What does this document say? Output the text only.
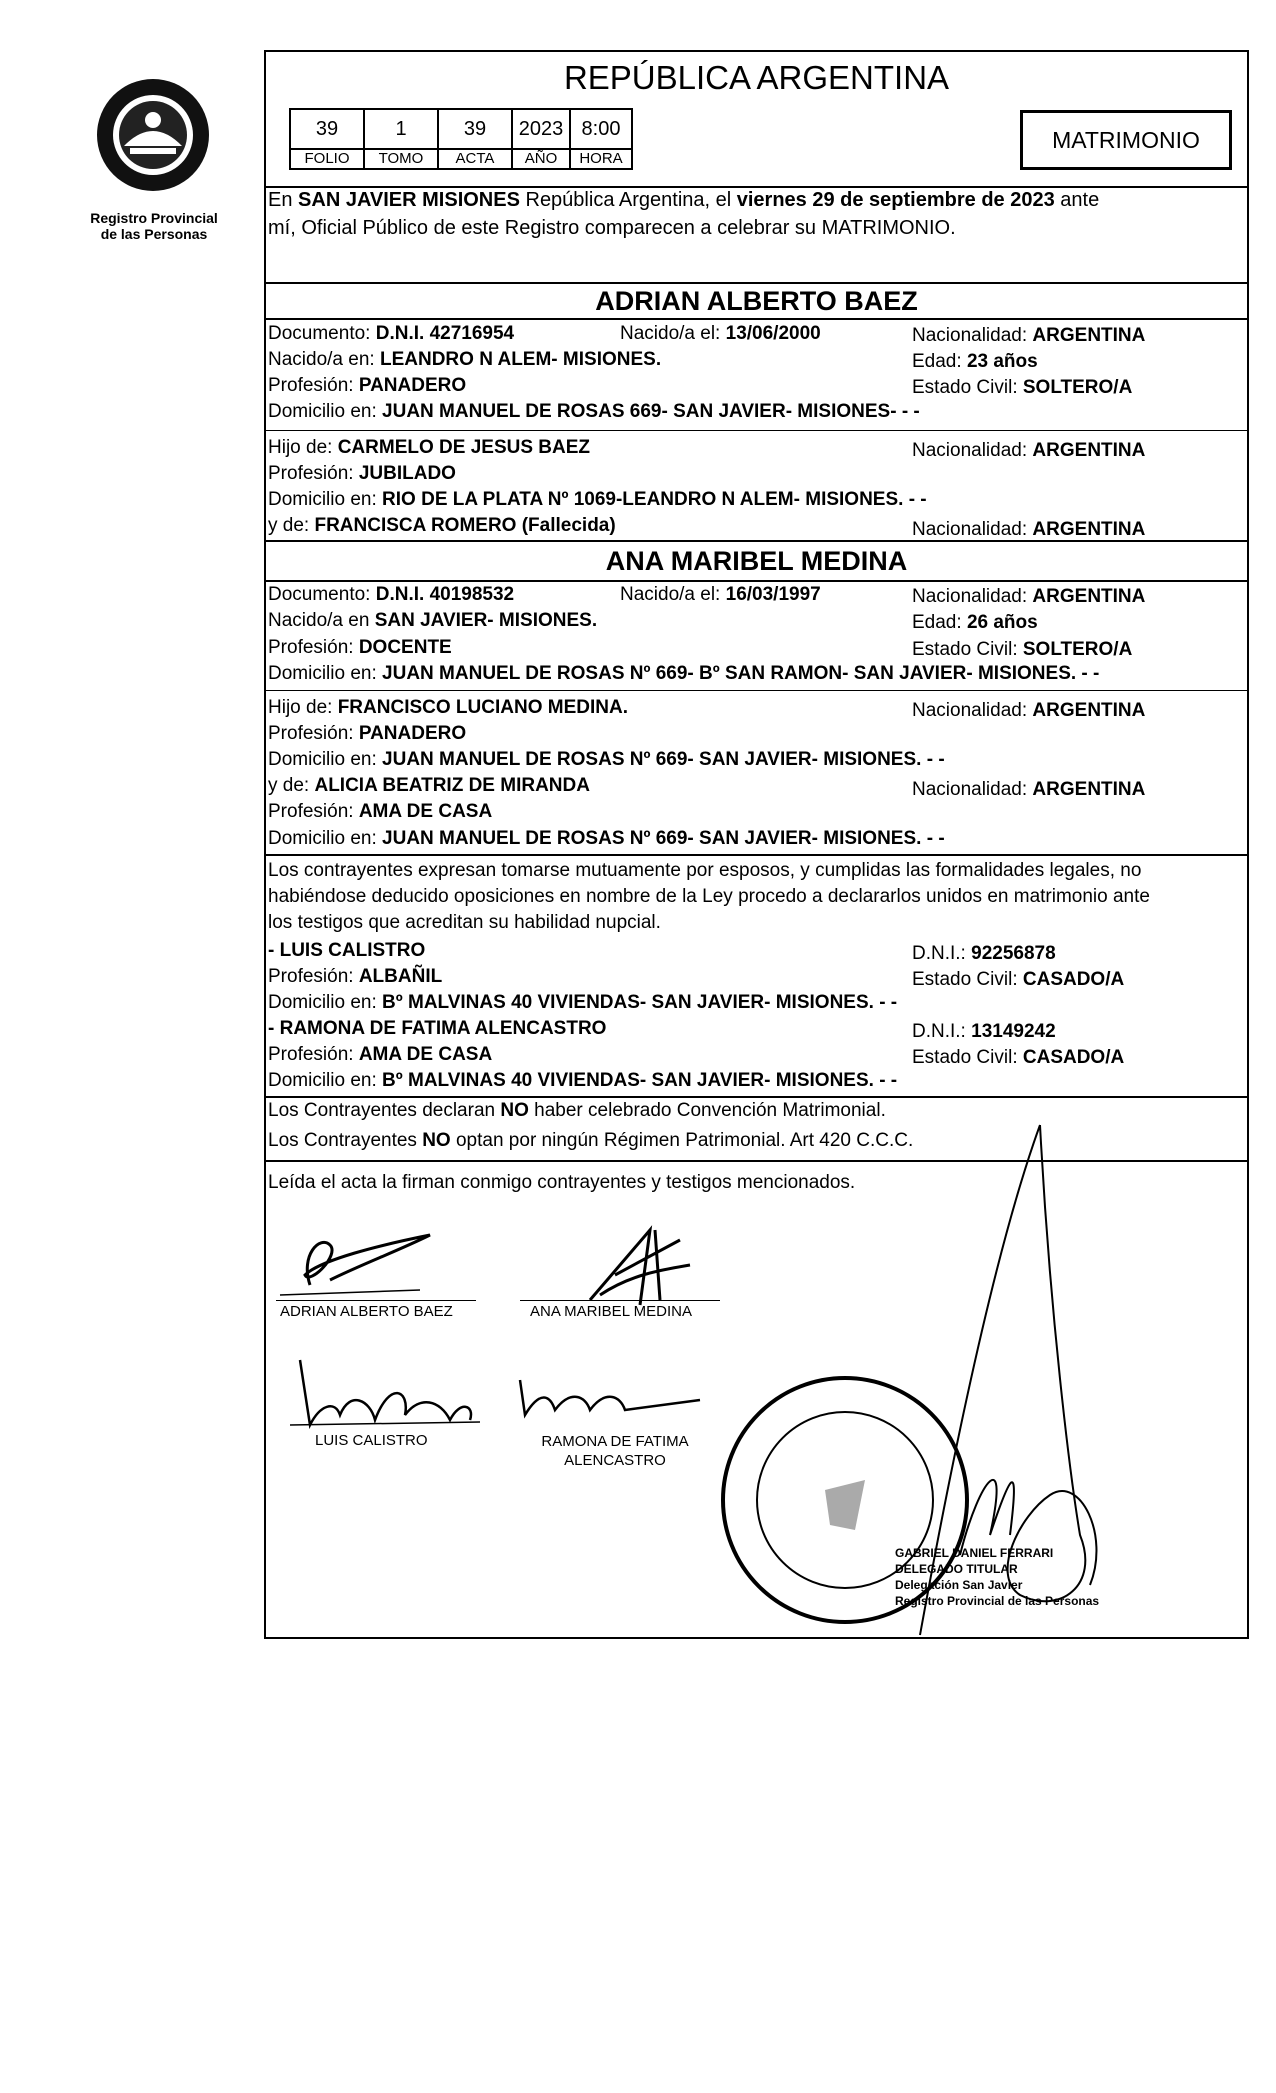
Registro Provincial
de las Personas
REPÚBLICA ARGENTINA
39	1	39	2023	8:00
FOLIO	TOMO	ACTA	AÑO	HORA
MATRIMONIO
En SAN JAVIER MISIONES República Argentina, el viernes 29 de septiembre de 2023 ante
mí, Oficial Público de este Registro comparecen a celebrar su MATRIMONIO.
ADRIAN ALBERTO BAEZ
Documento: D.N.I. 42716954	Nacido/a el: 13/06/2000	Nacionalidad: ARGENTINA
Nacido/a en: LEANDRO N ALEM- MISIONES.	Edad: 23 años
Profesión: PANADERO	Estado Civil: SOLTERO/A
Domicilio en: JUAN MANUEL DE ROSAS 669- SAN JAVIER- MISIONES- - -
Hijo de: CARMELO DE JESUS BAEZ	Nacionalidad: ARGENTINA
Profesión: JUBILADO
Domicilio en: RIO DE LA PLATA Nº 1069-LEANDRO N ALEM- MISIONES. - -
y de: FRANCISCA ROMERO (Fallecida)	Nacionalidad: ARGENTINA
ANA MARIBEL MEDINA
Documento: D.N.I. 40198532	Nacido/a el: 16/03/1997	Nacionalidad: ARGENTINA
Nacido/a en SAN JAVIER- MISIONES.	Edad: 26 años
Profesión: DOCENTE	Estado Civil: SOLTERO/A
Domicilio en: JUAN MANUEL DE ROSAS Nº 669- Bº SAN RAMON- SAN JAVIER- MISIONES. - -
Hijo de: FRANCISCO LUCIANO MEDINA.	Nacionalidad: ARGENTINA
Profesión: PANADERO
Domicilio en: JUAN MANUEL DE ROSAS Nº 669- SAN JAVIER- MISIONES. - -
y de: ALICIA BEATRIZ DE MIRANDA	Nacionalidad: ARGENTINA
Profesión: AMA DE CASA
Domicilio en: JUAN MANUEL DE ROSAS Nº 669- SAN JAVIER- MISIONES. - -
Los contrayentes expresan tomarse mutuamente por esposos, y cumplidas las formalidades legales, no
habiéndose deducido oposiciones en nombre de la Ley procedo a declararlos unidos en matrimonio ante
los testigos que acreditan su habilidad nupcial.
- LUIS CALISTRO	D.N.I.: 92256878
Profesión: ALBAÑIL	Estado Civil: CASADO/A
Domicilio en: Bº MALVINAS 40 VIVIENDAS- SAN JAVIER- MISIONES. - -
- RAMONA DE FATIMA ALENCASTRO	D.N.I.: 13149242
Profesión: AMA DE CASA	Estado Civil: CASADO/A
Domicilio en: Bº MALVINAS 40 VIVIENDAS- SAN JAVIER- MISIONES. - -
Los Contrayentes declaran NO haber celebrado Convención Matrimonial.
Los Contrayentes NO optan por ningún Régimen Patrimonial. Art 420 C.C.C.
Leída el acta la firman conmigo contrayentes y testigos mencionados.
ADRIAN ALBERTO BAEZ	ANA MARIBEL MEDINA
LUIS CALISTRO	RAMONA DE FATIMA
ALENCASTRO
GABRIEL DANIEL FERRARI
DELEGADO TITULAR
Delegación San Javier
Registro Provincial de las Personas
